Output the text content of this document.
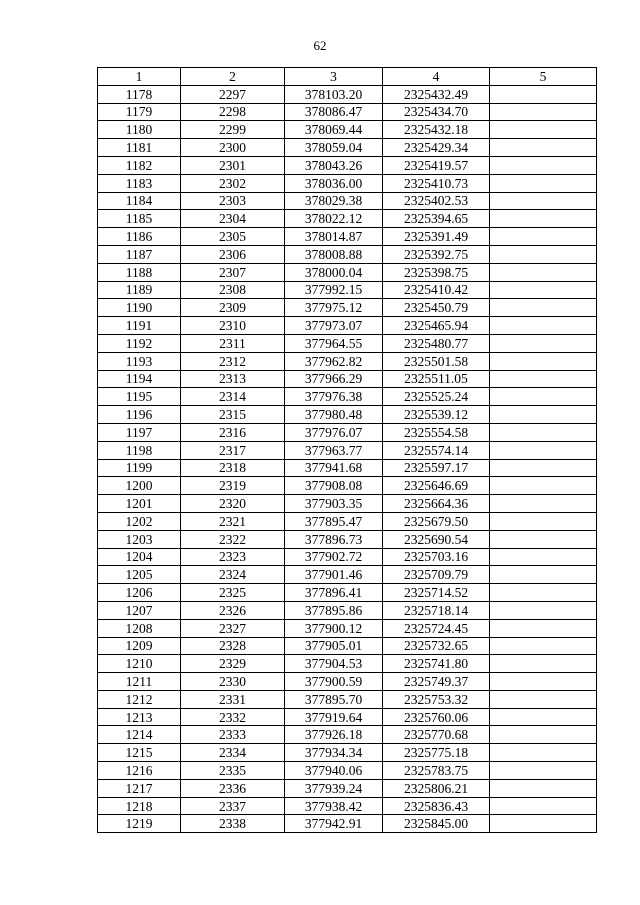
62
1	2	3	4	5
1178	2297	378103.20	2325432.49	
1179	2298	378086.47	2325434.70	
1180	2299	378069.44	2325432.18	
1181	2300	378059.04	2325429.34	
1182	2301	378043.26	2325419.57	
1183	2302	378036.00	2325410.73	
1184	2303	378029.38	2325402.53	
1185	2304	378022.12	2325394.65	
1186	2305	378014.87	2325391.49	
1187	2306	378008.88	2325392.75	
1188	2307	378000.04	2325398.75	
1189	2308	377992.15	2325410.42	
1190	2309	377975.12	2325450.79	
1191	2310	377973.07	2325465.94	
1192	2311	377964.55	2325480.77	
1193	2312	377962.82	2325501.58	
1194	2313	377966.29	2325511.05	
1195	2314	377976.38	2325525.24	
1196	2315	377980.48	2325539.12	
1197	2316	377976.07	2325554.58	
1198	2317	377963.77	2325574.14	
1199	2318	377941.68	2325597.17	
1200	2319	377908.08	2325646.69	
1201	2320	377903.35	2325664.36	
1202	2321	377895.47	2325679.50	
1203	2322	377896.73	2325690.54	
1204	2323	377902.72	2325703.16	
1205	2324	377901.46	2325709.79	
1206	2325	377896.41	2325714.52	
1207	2326	377895.86	2325718.14	
1208	2327	377900.12	2325724.45	
1209	2328	377905.01	2325732.65	
1210	2329	377904.53	2325741.80	
1211	2330	377900.59	2325749.37	
1212	2331	377895.70	2325753.32	
1213	2332	377919.64	2325760.06	
1214	2333	377926.18	2325770.68	
1215	2334	377934.34	2325775.18	
1216	2335	377940.06	2325783.75	
1217	2336	377939.24	2325806.21	
1218	2337	377938.42	2325836.43	
1219	2338	377942.91	2325845.00	
